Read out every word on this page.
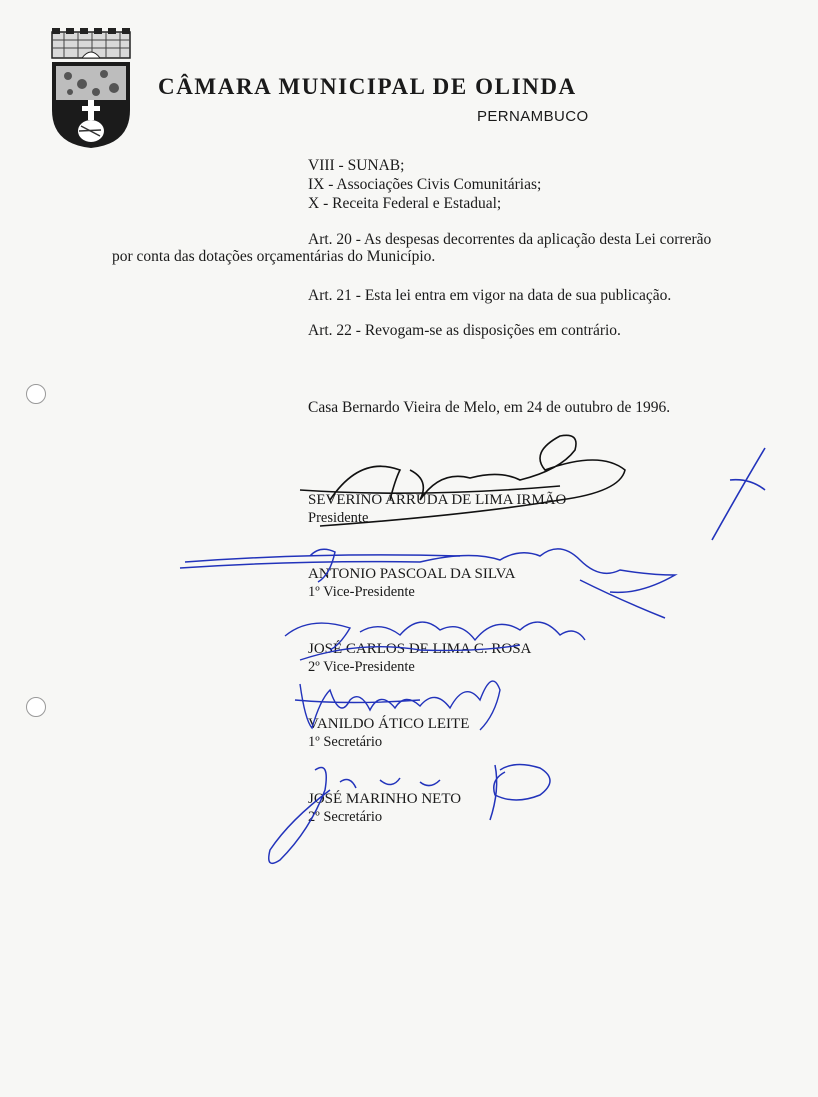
CÂMARA MUNICIPAL DE OLINDA
PERNAMBUCO
VIII - SUNAB;
IX - Associações Civis Comunitárias;
X - Receita Federal e Estadual;
Art. 20 - As despesas decorrentes da aplicação desta Lei correrão
por conta das dotações orçamentárias do Município.
Art. 21 - Esta lei entra em vigor na data de sua publicação.
Art. 22 - Revogam-se as disposições em contrário.
Casa Bernardo Vieira de Melo, em 24 de outubro de 1996.
SEVERINO ARRUDA DE LIMA IRMÃO
Presidente
ANTONIO PASCOAL DA SILVA
1º Vice-Presidente
JOSÉ CARLOS DE LIMA C. ROSA
2º Vice-Presidente
VANILDO ÁTICO LEITE
1º Secretário
JOSÉ MARINHO NETO
2º Secretário
